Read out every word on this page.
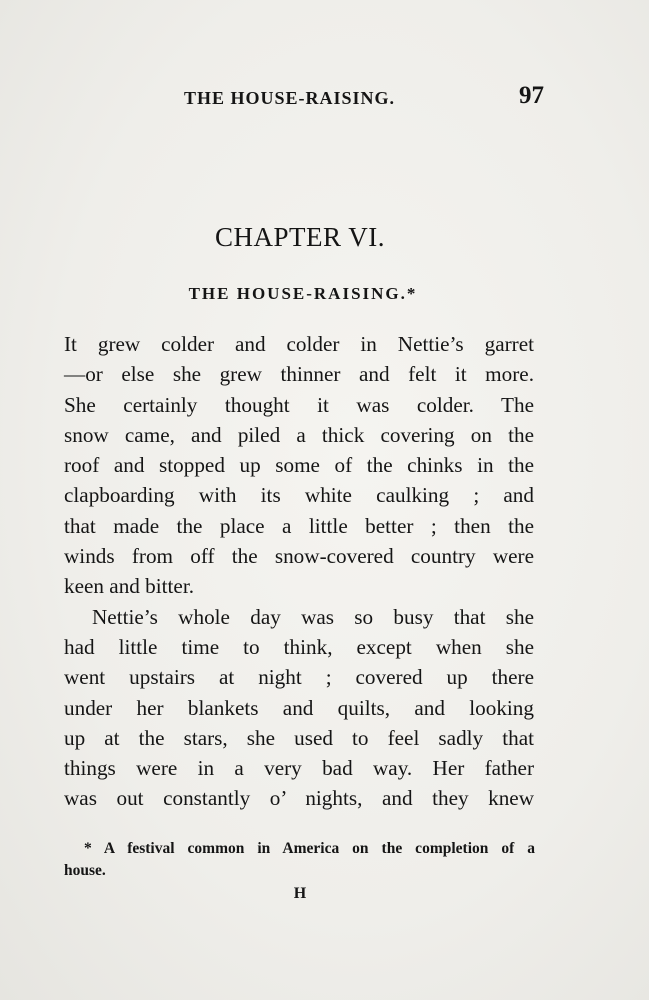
THE HOUSE-RAISING.	97
CHAPTER VI.
THE HOUSE-RAISING.*
It grew colder and colder in Nettie’s garret
—or else she grew thinner and felt it more.
She certainly thought it was colder. The
snow came, and piled a thick covering on the
roof and stopped up some of the chinks in the
clapboarding with its white caulking ; and
that made the place a little better ; then the
winds from off the snow-covered country were
keen and bitter.
Nettie’s whole day was so busy that she
had little time to think, except when she
went upstairs at night ; covered up there
under her blankets and quilts, and looking
up at the stars, she used to feel sadly that
things were in a very bad way. Her father
was out constantly o’ nights, and they knew
* A festival common in America on the completion of a
house.
H
